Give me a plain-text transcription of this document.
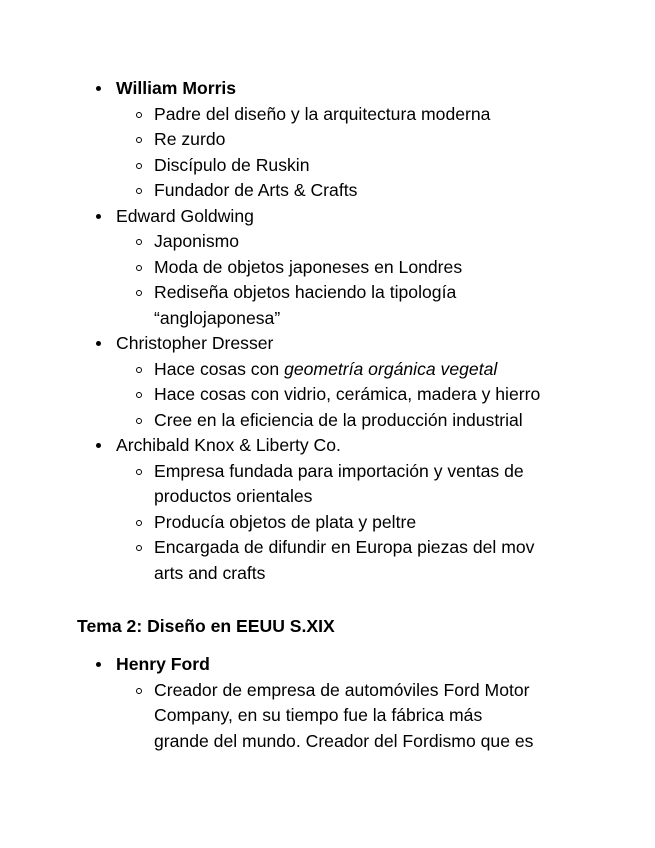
William Morris
Padre del diseño y la arquitectura moderna
Re zurdo
Discípulo de Ruskin
Fundador de Arts & Crafts
Edward Goldwing
Japonismo
Moda de objetos japoneses en Londres
Rediseña objetos haciendo la tipología
“anglojaponesa”
Christopher Dresser
Hace cosas con geometría orgánica vegetal
Hace cosas con vidrio, cerámica, madera y hierro
Cree en la eficiencia de la producción industrial
Archibald Knox & Liberty Co.
Empresa fundada para importación y ventas de
productos orientales
Producía objetos de plata y peltre
Encargada de difundir en Europa piezas del mov
arts and crafts
Tema 2: Diseño en EEUU S.XIX
Henry Ford
Creador de empresa de automóviles Ford Motor
Company, en su tiempo fue la fábrica más
grande del mundo. Creador del Fordismo que es
